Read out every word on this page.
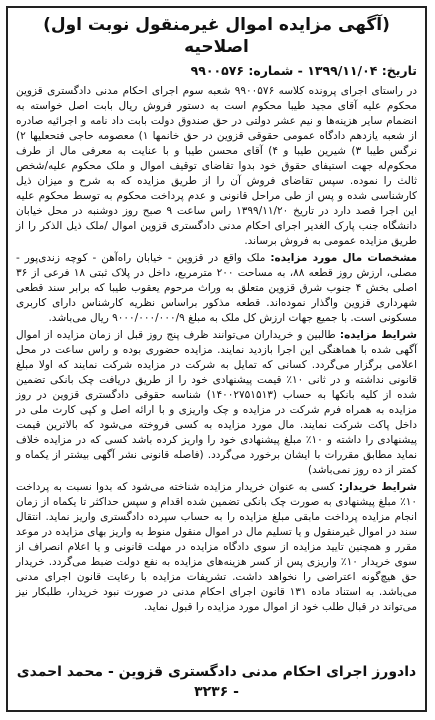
(آگهی مزایده اموال غیرمنقول نوبت اول) اصلاحیه
تاریخ: ۱۳۹۹/۱۱/۰۴ - شماره: ۹۹۰۰۵۷۶

در راستای اجرای پرونده کلاسه ۹۹۰۰۵۷۶ شعبه سوم اجرای احکام مدنی دادگستری قزوین محکوم علیه آقای مجید طیبا محکوم است به دستور فروش ریال بابت اصل خواسته به انضمام سایر هزینه‌ها و نیم عشر دولتی در حق صندوق دولت بابت داد نامه و اجرائیه صادره از شعبه یازدهم دادگاه عمومی حقوقی قزوین در حق خانمها ۱) معصومه حاجی فتحعلیها ۲) نرگس طیبا ۳) شیرین طیبا و ۴) آقای محسن طیبا و با عنایت به معرفی مال از طرف محکوم‌له جهت استیفای حقوق خود بدوا تقاضای توقیف اموال و ملک محکوم علیه/شخص ثالث را نموده. سپس تقاضای فروش آن را از طریق مزایده که به شرح و میزان ذیل کارشناسی شده و پس از طی مراحل قانونی و عدم پرداخت محکوم به توسط محکوم علیه این اجرا قصد دارد در تاریخ ۱۳۹۹/۱۱/۲۰ راس ساعت ۹ صبح روز دوشنبه در محل خیابان دانشگاه جنب پارک الغدیر اجرای احکام مدنی دادگستری قزوین اموال /ملک ذیل الذکر را از طریق مزایده عمومی به فروش برساند.

مشخصات مال مورد مزایده: ملک واقع در قزوین - خیابان راه‌آهن - کوچه زندی‌پور - مصلی، ارزش روز قطعه ۸۸، به مساحت ۲۰۰ مترمربع، داخل در پلاک ثبتی ۱۸ فرعی از ۳۶ اصلی بخش ۴ جنوب شرق قزوین متعلق به وراث مرحوم یعقوب طیبا که برابر سند قطعی شهرداری قزوین واگذار نموده‌اند. قطعه مذکور براساس نظریه کارشناس دارای کاربری مسکونی است. با جمیع جهات ارزش کل ملک به مبلغ ۹۰۰۰/۰۰۰/۰۰۰/۹ ریال می‌باشد.

شرایط مزایده: طالبین و خریداران می‌توانند ظرف پنج روز قبل از زمان مزایده از اموال آگهی شده با هماهنگی این اجرا بازدید نمایند. مزایده حضوری بوده و راس ساعت در محل اعلامی برگزار می‌گردد. کسانی که تمایل به شرکت در مزایده شرکت نمایند که اولا مبلغ قانونی نداشته و در ثانی ۱۰٪ قیمت پیشنهادی خود را از طریق دریافت چک بانکی تضمین شده از کلیه بانکها به حساب (۱۴۰۰۲۷۵۱۵۱۳) شناسه حقوقی دادگستری قزوین در روز مزایده به همراه فرم شرکت در مزایده و چک واریزی و با ارائه اصل و کپی کارت ملی در داخل پاکت شرکت نمایند. مال مورد مزایده به کسی فروخته می‌شود که بالاترین قیمت پیشنهادی را داشته و ۱۰٪ مبلغ پیشنهادی خود را واریز کرده باشد کسی که در مزایده خلاف نماید مطابق مقررات با ایشان برخورد می‌گردد. (فاصله قانونی نشر آگهی بیشتر از یکماه و کمتر از ده روز نمی‌باشد)

شرایط خریدار: کسی به عنوان خریدار مزایده شناخته می‌شود که بدوا نسبت به پرداخت ۱۰٪ مبلغ پیشنهادی به صورت چک بانکی تضمین شده اقدام و سپس حداکثر تا یکماه از زمان انجام مزایده پرداخت مابقی مبلغ مزایده را به حساب سپرده دادگستری واریز نماید. انتقال سند در اموال غیرمنقول و یا تسلیم مال در اموال منقول منوط به واریز بهای مزایده در موعد مقرر و همچنین تایید مزایده از سوی دادگاه مزایده در مهلت قانونی و یا اعلام انصراف از سوی خریدار ۱۰٪ واریزی پس از کسر هزینه‌های مزایده به نفع دولت ضبط می‌گردد. خریدار حق هیچ‌گونه اعتراضی را نخواهد داشت. تشریفات مزایده با رعایت قانون اجرای مدنی می‌باشد. به استناد ماده ۱۳۱ قانون اجرای احکام مدنی در صورت نبود خریدار، طلبکار نیز می‌تواند در قبال طلب خود از اموال مورد مزایده را قبول نماید.

دادورز اجرای احکام مدنی دادگستری قزوین - محمد احمدی - ۳۲۳۶
